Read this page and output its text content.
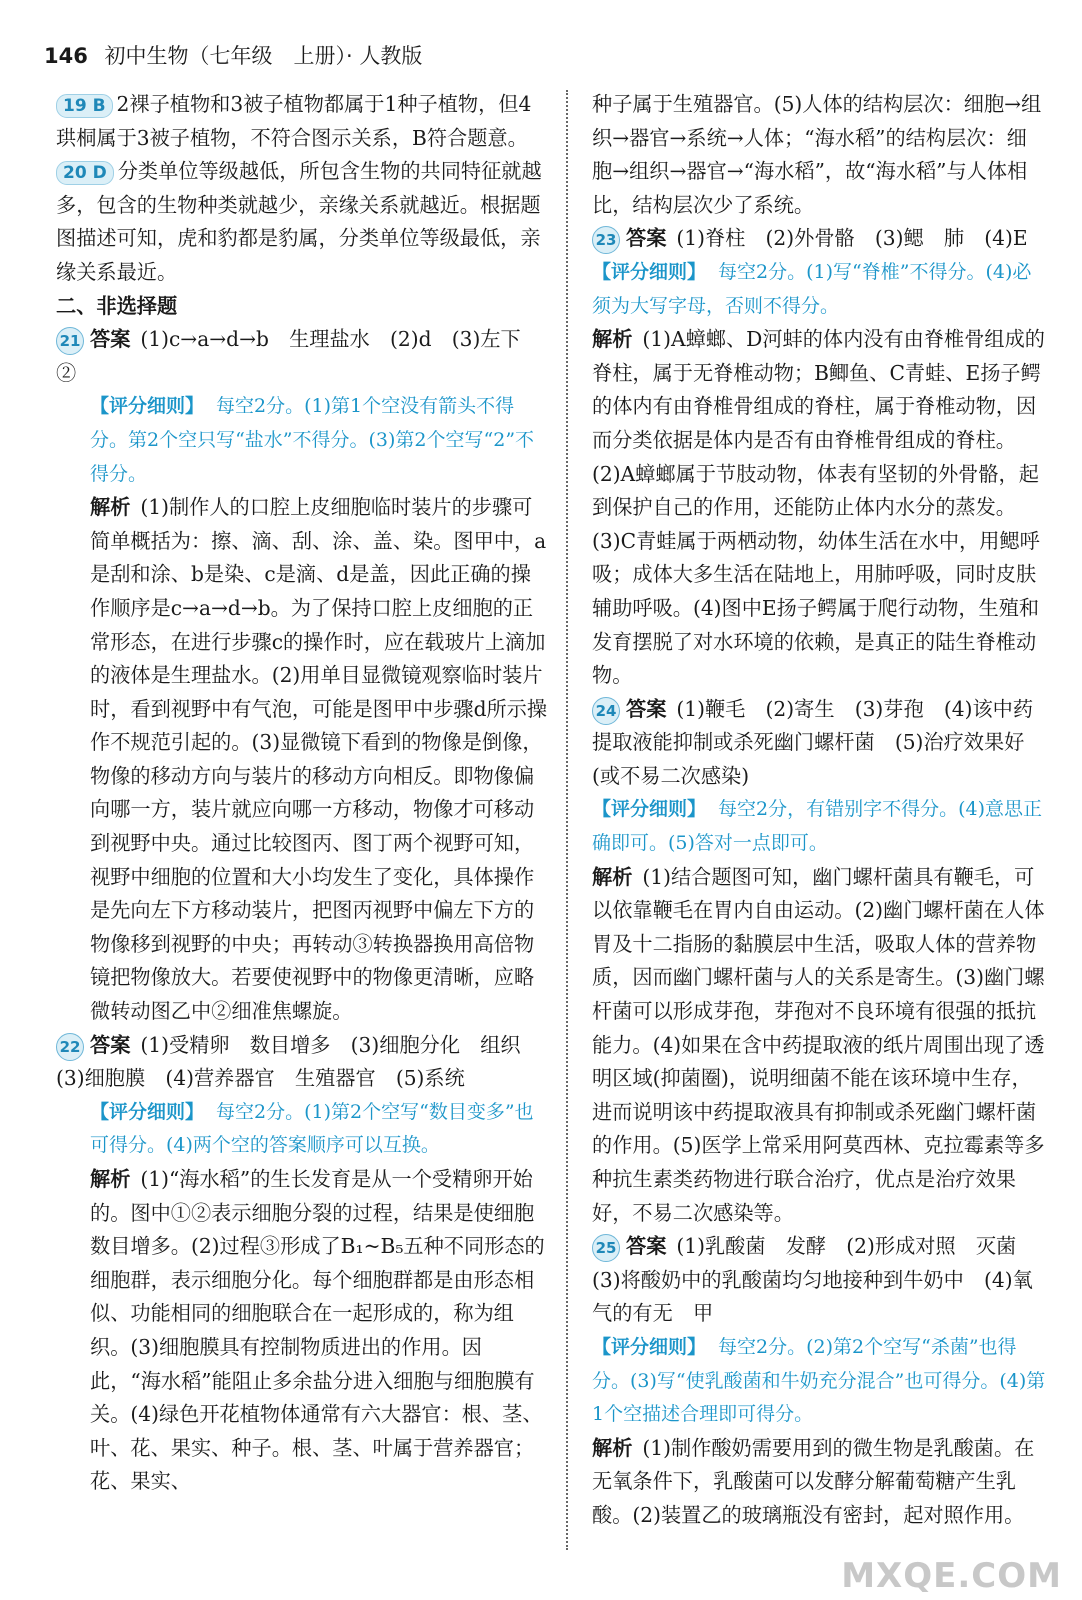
146 初中生物（七年级　上册）· 人教版

19 B 2裸子植物和3被子植物都属于1种子植物，但4珙桐属于3被子植物，不符合图示关系，B符合题意。

20 D 分类单位等级越低，所包含生物的共同特征就越多，包含的生物种类就越少，亲缘关系就越近。根据题图描述可知，虎和豹都是豹属，分类单位等级最低，亲缘关系最近。

二、非选择题

21 答案 (1)c→a→d→b　生理盐水　(2)d　(3)左下　②

【评分细则】 每空2分。(1)第1个空没有箭头不得分。第2个空只写“盐水”不得分。(3)第2个空写“2”不得分。

解析 (1)制作人的口腔上皮细胞临时装片的步骤可简单概括为：擦、滴、刮、涂、盖、染。图甲中，a是刮和涂、b是染、c是滴、d是盖，因此正确的操作顺序是c→a→d→b。为了保持口腔上皮细胞的正常形态，在进行步骤c的操作时，应在载玻片上滴加的液体是生理盐水。(2)用单目显微镜观察临时装片时，看到视野中有气泡，可能是图甲中步骤d所示操作不规范引起的。(3)显微镜下看到的物像是倒像，物像的移动方向与装片的移动方向相反。即物像偏向哪一方，装片就应向哪一方移动，物像才可移动到视野中央。通过比较图丙、图丁两个视野可知，视野中细胞的位置和大小均发生了变化，具体操作是先向左下方移动装片，把图丙视野中偏左下方的物像移到视野的中央；再转动③转换器换用高倍物镜把物像放大。若要使视野中的物像更清晰，应略微转动图乙中②细准焦螺旋。

22 答案 (1)受精卵　数目增多　(3)细胞分化　组织　(3)细胞膜　(4)营养器官　生殖器官　(5)系统

【评分细则】 每空2分。(1)第2个空写“数目变多”也可得分。(4)两个空的答案顺序可以互换。

解析 (1)“海水稻”的生长发育是从一个受精卵开始的。图中①②表示细胞分裂的过程，结果是使细胞数目增多。(2)过程③形成了B₁~B₅五种不同形态的细胞群，表示细胞分化。每个细胞群都是由形态相似、功能相同的细胞联合在一起形成的，称为组织。(3)细胞膜具有控制物质进出的作用。因此，“海水稻”能阻止多余盐分进入细胞与细胞膜有关。(4)绿色开花植物体通常有六大器官：根、茎、叶、花、果实、种子。根、茎、叶属于营养器官；花、果实、

种子属于生殖器官。(5)人体的结构层次：细胞→组织→器官→系统→人体；“海水稻”的结构层次：细胞→组织→器官→“海水稻”，故“海水稻”与人体相比，结构层次少了系统。

23 答案 (1)脊柱　(2)外骨骼　(3)鳃　肺　(4)E

【评分细则】 每空2分。(1)写“脊椎”不得分。(4)必须为大写字母，否则不得分。

解析 (1)A蟑螂、D河蚌的体内没有由脊椎骨组成的脊柱，属于无脊椎动物；B鲫鱼、C青蛙、E扬子鳄的体内有由脊椎骨组成的脊柱，属于脊椎动物，因而分类依据是体内是否有由脊椎骨组成的脊柱。(2)A蟑螂属于节肢动物，体表有坚韧的外骨骼，起到保护自己的作用，还能防止体内水分的蒸发。(3)C青蛙属于两栖动物，幼体生活在水中，用鳃呼吸；成体大多生活在陆地上，用肺呼吸，同时皮肤辅助呼吸。(4)图中E扬子鳄属于爬行动物，生殖和发育摆脱了对水环境的依赖，是真正的陆生脊椎动物。

24 答案 (1)鞭毛　(2)寄生　(3)芽孢　(4)该中药提取液能抑制或杀死幽门螺杆菌　(5)治疗效果好(或不易二次感染)

【评分细则】 每空2分，有错别字不得分。(4)意思正确即可。(5)答对一点即可。

解析 (1)结合题图可知，幽门螺杆菌具有鞭毛，可以依靠鞭毛在胃内自由运动。(2)幽门螺杆菌在人体胃及十二指肠的黏膜层中生活，吸取人体的营养物质，因而幽门螺杆菌与人的关系是寄生。(3)幽门螺杆菌可以形成芽孢，芽孢对不良环境有很强的抵抗能力。(4)如果在含中药提取液的纸片周围出现了透明区域(抑菌圈)，说明细菌不能在该环境中生存，进而说明该中药提取液具有抑制或杀死幽门螺杆菌的作用。(5)医学上常采用阿莫西林、克拉霉素等多种抗生素类药物进行联合治疗，优点是治疗效果好，不易二次感染等。

25 答案 (1)乳酸菌　发酵　(2)形成对照　灭菌　(3)将酸奶中的乳酸菌均匀地接种到牛奶中　(4)氧气的有无　甲

【评分细则】 每空2分。(2)第2个空写“杀菌”也得分。(3)写“使乳酸菌和牛奶充分混合”也可得分。(4)第1个空描述合理即可得分。

解析 (1)制作酸奶需要用到的微生物是乳酸菌。在无氧条件下，乳酸菌可以发酵分解葡萄糖产生乳酸。(2)装置乙的玻璃瓶没有密封，起对照作用。

MXQE.COM
